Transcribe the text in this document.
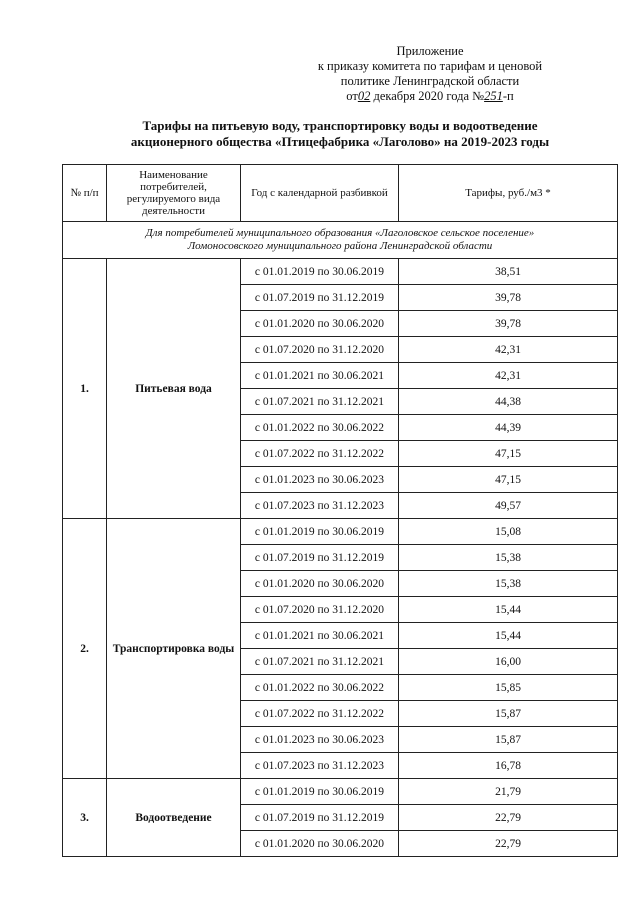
Приложение
к приказу комитета по тарифам и ценовой
политике Ленинградской области
от02 декабря 2020 года №251-п
Тарифы на питьевую воду, транспортировку воды и водоотведение
акционерного общества «Птицефабрика «Лаголово» на 2019-2023 годы
№ п/п	Наименование потребителей, регулируемого вида деятельности	Год с календарной разбивкой	Тарифы, руб./м3 *

Для потребителей муниципального образования «Лаголовское сельское поселение»
Ломоносовского муниципального района Ленинградской области			

1.	Питьевая вода	с 01.01.2019 по 30.06.2019	38,51
		с 01.07.2019 по 31.12.2019	39,78
		с 01.01.2020 по 30.06.2020	39,78
		с 01.07.2020 по 31.12.2020	42,31
		с 01.01.2021 по 30.06.2021	42,31
		с 01.07.2021 по 31.12.2021	44,38
		с 01.01.2022 по 30.06.2022	44,39
		с 01.07.2022 по 31.12.2022	47,15
		с 01.01.2023 по 30.06.2023	47,15
		с 01.07.2023 по 31.12.2023	49,57
2.	Транспортировка воды	с 01.01.2019 по 30.06.2019	15,08
		с 01.07.2019 по 31.12.2019	15,38
		с 01.01.2020 по 30.06.2020	15,38
		с 01.07.2020 по 31.12.2020	15,44
		с 01.01.2021 по 30.06.2021	15,44
		с 01.07.2021 по 31.12.2021	16,00
		с 01.01.2022 по 30.06.2022	15,85
		с 01.07.2022 по 31.12.2022	15,87
		с 01.01.2023 по 30.06.2023	15,87
		с 01.07.2023 по 31.12.2023	16,78
3.	Водоотведение	с 01.01.2019 по 30.06.2019	21,79
		с 01.07.2019 по 31.12.2019	22,79
		с 01.01.2020 по 30.06.2020	22,79
